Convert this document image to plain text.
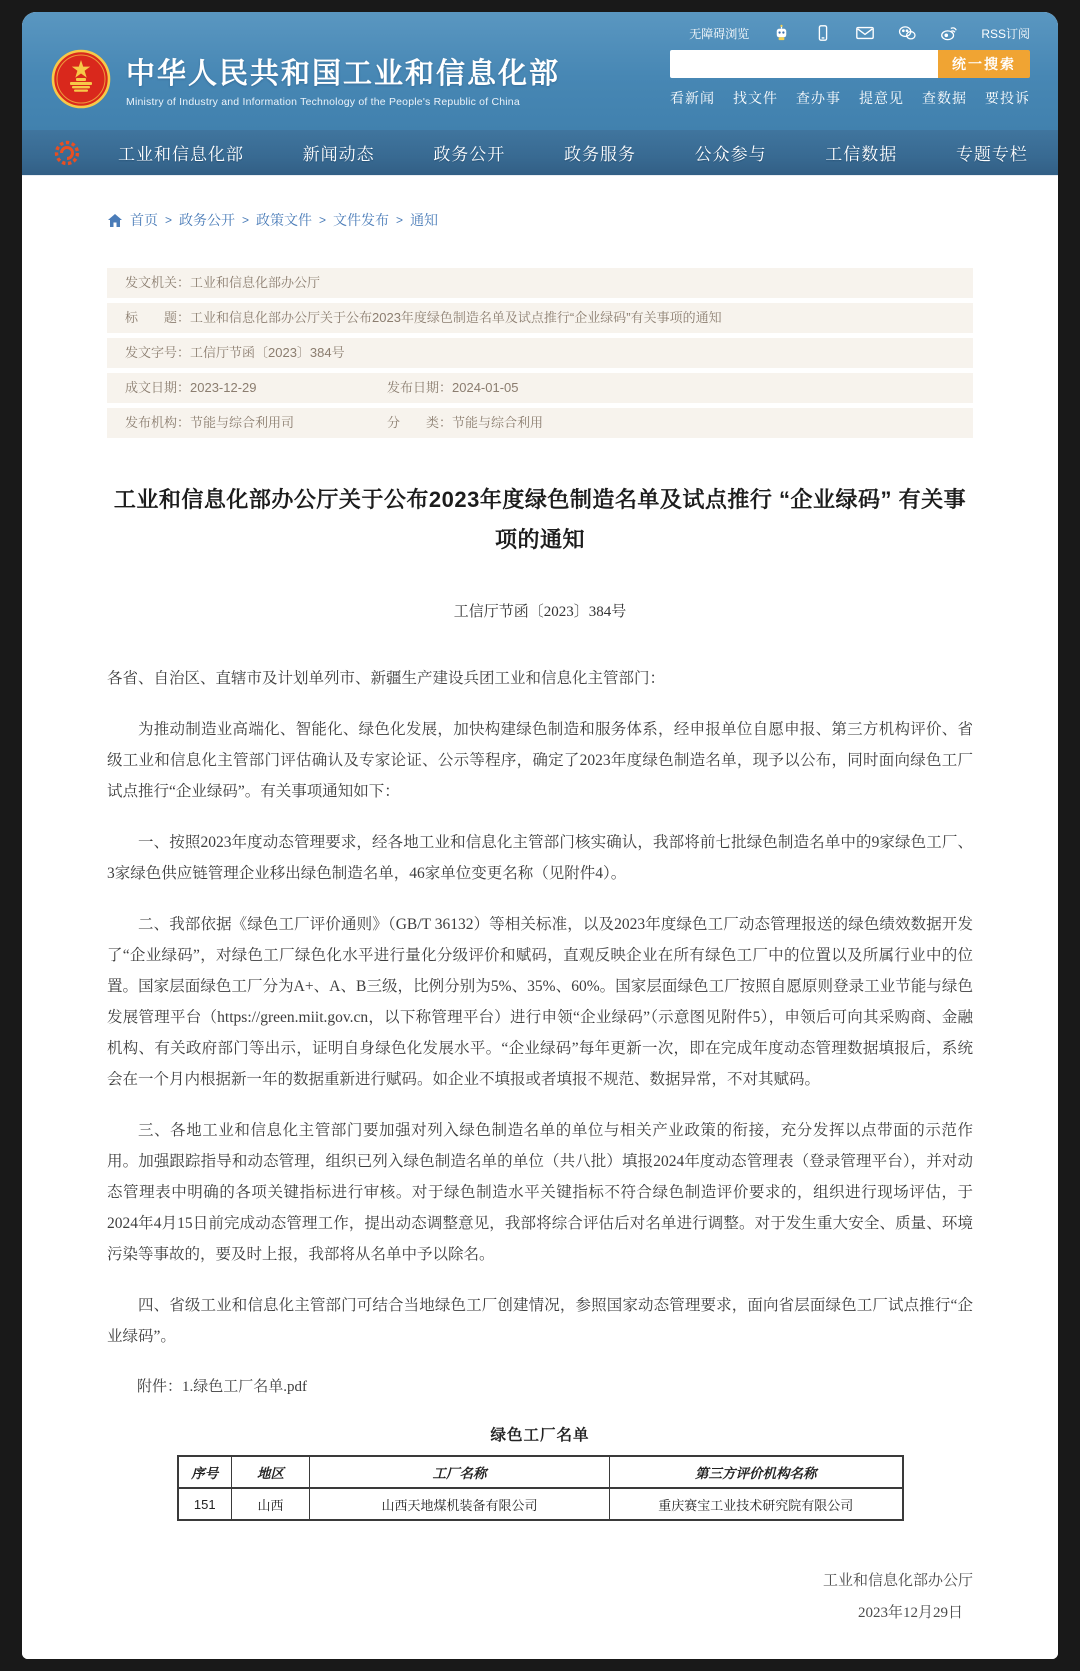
无障碍浏览	RSS订阅
中华人民共和国工业和信息化部
Ministry of Industry and Information Technology of the People's Republic of China
统一搜索
看新闻 找文件 查办事 提意见 查数据 要投诉
工业和信息化部	新闻动态	政务公开	政务服务	公众参与	工信数据	专题专栏
首页 > 政务公开 > 政策文件 > 文件发布 > 通知
发文机关：工业和信息化部办公厅
标　　题：工业和信息化部办公厅关于公布2023年度绿色制造名单及试点推行“企业绿码”有关事项的通知
发文字号：工信厅节函〔2023〕384号
成文日期：2023-12-29	发布日期：2024-01-05
发布机构：节能与综合利用司	分　　类：节能与综合利用
工业和信息化部办公厅关于公布2023年度绿色制造名单及试点推行 “企业绿码” 有关事项的通知
工信厅节函〔2023〕384号

各省、自治区、直辖市及计划单列市、新疆生产建设兵团工业和信息化主管部门：

为推动制造业高端化、智能化、绿色化发展，加快构建绿色制造和服务体系，经申报单位自愿申报、第三方机构评价、省级工业和信息化主管部门评估确认及专家论证、公示等程序，确定了2023年度绿色制造名单，现予以公布，同时面向绿色工厂试点推行“企业绿码”。有关事项通知如下：

一、按照2023年度动态管理要求，经各地工业和信息化主管部门核实确认，我部将前七批绿色制造名单中的9家绿色工厂、3家绿色供应链管理企业移出绿色制造名单，46家单位变更名称（见附件4）。

二、我部依据《绿色工厂评价通则》（GB/T 36132）等相关标准，以及2023年度绿色工厂动态管理报送的绿色绩效数据开发了“企业绿码”，对绿色工厂绿色化水平进行量化分级评价和赋码，直观反映企业在所有绿色工厂中的位置以及所属行业中的位置。国家层面绿色工厂分为A+、A、B三级，比例分别为5%、35%、60%。国家层面绿色工厂按照自愿原则登录工业节能与绿色发展管理平台（https://green.miit.gov.cn，以下称管理平台）进行申领“企业绿码”（示意图见附件5），申领后可向其采购商、金融机构、有关政府部门等出示，证明自身绿色化发展水平。“企业绿码”每年更新一次，即在完成年度动态管理数据填报后，系统会在一个月内根据新一年的数据重新进行赋码。如企业不填报或者填报不规范、数据异常，不对其赋码。

三、各地工业和信息化主管部门要加强对列入绿色制造名单的单位与相关产业政策的衔接，充分发挥以点带面的示范作用。加强跟踪指导和动态管理，组织已列入绿色制造名单的单位（共八批）填报2024年度动态管理表（登录管理平台），并对动态管理表中明确的各项关键指标进行审核。对于绿色制造水平关键指标不符合绿色制造评价要求的，组织进行现场评估，于2024年4月15日前完成动态管理工作，提出动态调整意见，我部将综合评估后对名单进行调整。对于发生重大安全、质量、环境污染等事故的，要及时上报，我部将从名单中予以除名。

四、省级工业和信息化主管部门可结合当地绿色工厂创建情况，参照国家动态管理要求，面向省层面绿色工厂试点推行“企业绿码”。

附件：1.绿色工厂名单.pdf

绿色工厂名单
序号	地区	工厂名称	第三方评价机构名称
151	山西	山西天地煤机装备有限公司	重庆赛宝工业技术研究院有限公司
工业和信息化部办公厅
2023年12月29日
